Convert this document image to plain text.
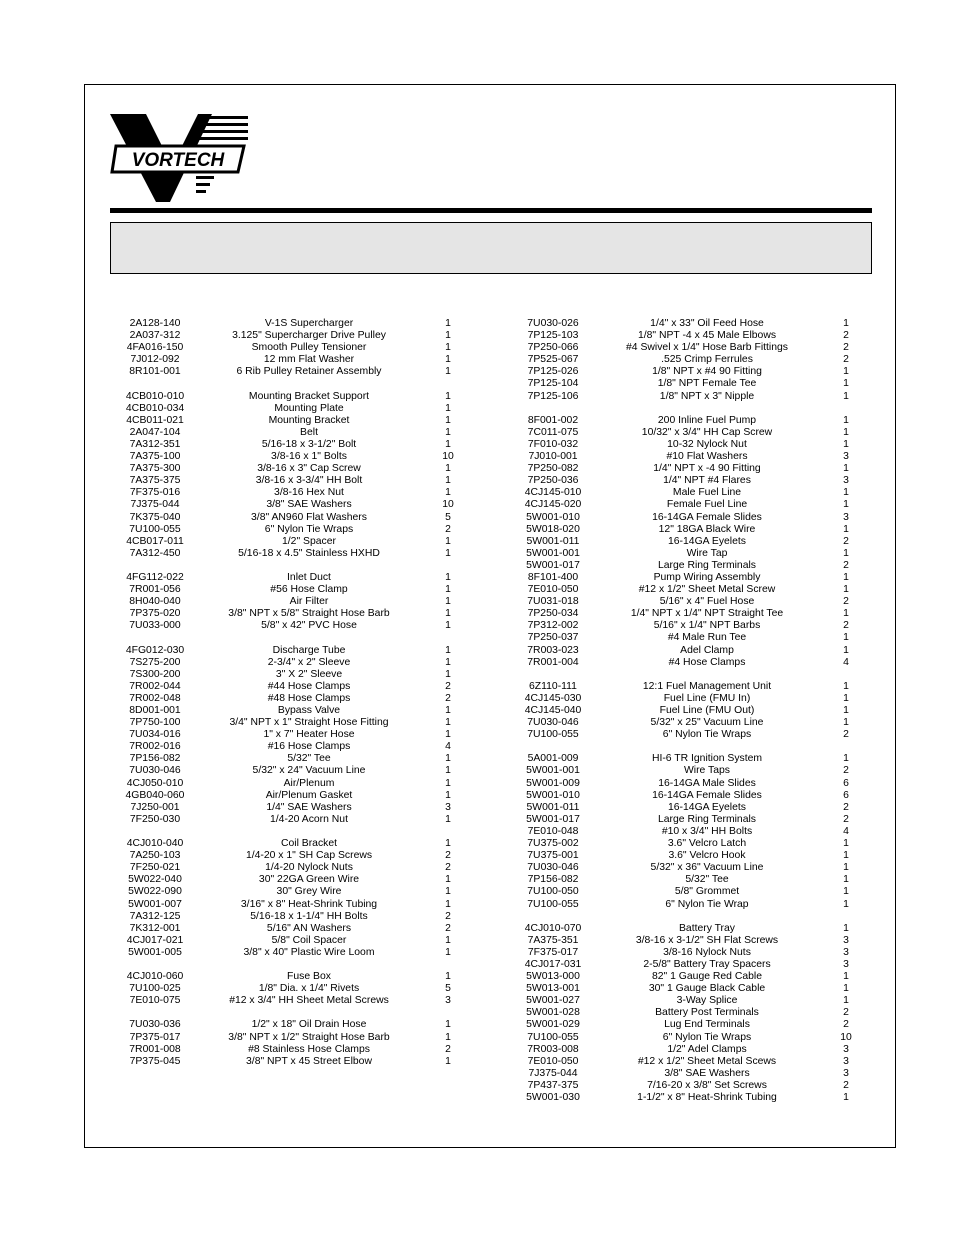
VORTECH
2A128-140	V-1S Supercharger	1
2A037-312	3.125" Supercharger Drive Pulley	1
4FA016-150	Smooth Pulley Tensioner	1
7J012-092	12 mm Flat Washer	1
8R101-001	6 Rib Pulley Retainer Assembly	1
4CB010-010	Mounting Bracket Support	1
4CB010-034	Mounting Plate	1
4CB011-021	Mounting Bracket	1
2A047-104	Belt	1
7A312-351	5/16-18 x 3-1/2" Bolt	1
7A375-100	3/8-16 x 1" Bolts	10
7A375-300	3/8-16 x 3" Cap Screw	1
7A375-375	3/8-16 x 3-3/4" HH Bolt	1
7F375-016	3/8-16 Hex Nut	1
7J375-044	3/8" SAE Washers	10
7K375-040	3/8" AN960 Flat Washers	5
7U100-055	6" Nylon Tie Wraps	2
4CB017-011	1/2" Spacer	1
7A312-450	5/16-18 x 4.5" Stainless HXHD	1
4FG112-022	Inlet Duct	1
7R001-056	#56 Hose Clamp	1
8H040-040	Air Filter	1
7P375-020	3/8" NPT x 5/8" Straight Hose Barb	1
7U033-000	5/8" x 42" PVC Hose	1
4FG012-030	Discharge Tube	1
7S275-200	2-3/4" x 2" Sleeve	1
7S300-200	3" X 2" Sleeve	1
7R002-044	#44 Hose Clamps	2
7R002-048	#48 Hose Clamps	2
8D001-001	Bypass Valve	1
7P750-100	3/4" NPT x 1" Straight Hose Fitting	1
7U034-016	1" x 7" Heater Hose	1
7R002-016	#16 Hose Clamps	4
7P156-082	5/32" Tee	1
7U030-046	5/32" x 24" Vacuum Line	1
4CJ050-010	Air/Plenum	1
4GB040-060	Air/Plenum Gasket	1
7J250-001	1/4" SAE Washers	3
7F250-030	1/4-20 Acorn Nut	1
4CJ010-040	Coil Bracket	1
7A250-103	1/4-20 x 1" SH Cap Screws	2
7F250-021	1/4-20 Nylock Nuts	2
5W022-040	30" 22GA Green Wire	1
5W022-090	30" Grey Wire	1
5W001-007	3/16" x 8" Heat-Shrink Tubing	1
7A312-125	5/16-18 x 1-1/4" HH Bolts	2
7K312-001	5/16" AN Washers	2
4CJ017-021	5/8" Coil Spacer	1
5W001-005	3/8" x 40" Plastic Wire Loom	1
4CJ010-060	Fuse Box	1
7U100-025	1/8" Dia. x 1/4" Rivets	5
7E010-075	#12 x 3/4" HH Sheet Metal Screws	3
7U030-036	1/2" x 18" Oil Drain Hose	1
7P375-017	3/8" NPT x 1/2" Straight Hose Barb	1
7R001-008	#8 Stainless Hose Clamps	2
7P375-045	3/8" NPT x 45 Street Elbow	1
7U030-026	1/4" x 33" Oil Feed Hose	1
7P125-103	1/8" NPT -4 x 45 Male Elbows	2
7P250-066	#4 Swivel x 1/4" Hose Barb Fittings	2
7P525-067	.525 Crimp Ferrules	2
7P125-026	1/8" NPT x #4 90 Fitting	1
7P125-104	1/8" NPT Female Tee	1
7P125-106	1/8" NPT x 3" Nipple	1
8F001-002	200 Inline Fuel Pump	1
7C011-075	10/32" x 3/4" HH Cap Screw	1
7F010-032	10-32 Nylock Nut	1
7J010-001	#10 Flat Washers	3
7P250-082	1/4" NPT x -4 90 Fitting	1
7P250-036	1/4" NPT #4 Flares	3
4CJ145-010	Male Fuel Line	1
4CJ145-020	Female Fuel Line	1
5W001-010	16-14GA Female Slides	3
5W018-020	12" 18GA Black Wire	1
5W001-011	16-14GA Eyelets	2
5W001-001	Wire Tap	1
5W001-017	Large Ring Terminals	2
8F101-400	Pump Wiring Assembly	1
7E010-050	#12 x 1/2" Sheet Metal Screw	1
7U031-018	5/16" x 4" Fuel Hose	2
7P250-034	1/4" NPT x 1/4" NPT Straight Tee	1
7P312-002	5/16" x 1/4" NPT Barbs	2
7P250-037	#4 Male Run Tee	1
7R003-023	Adel Clamp	1
7R001-004	#4 Hose Clamps	4
6Z110-111	12:1 Fuel Management Unit	1
4CJ145-030	Fuel Line (FMU In)	1
4CJ145-040	Fuel Line (FMU Out)	1
7U030-046	5/32" x 25" Vacuum Line	1
7U100-055	6" Nylon Tie Wraps	2
5A001-009	HI-6 TR Ignition System	1
5W001-001	Wire Taps	2
5W001-009	16-14GA Male Slides	6
5W001-010	16-14GA Female Slides	6
5W001-011	16-14GA Eyelets	2
5W001-017	Large Ring Terminals	2
7E010-048	#10 x 3/4" HH Bolts	4
7U375-002	3.6" Velcro Latch	1
7U375-001	3.6" Velcro Hook	1
7U030-046	5/32" x 36" Vacuum Line	1
7P156-082	5/32" Tee	1
7U100-050	5/8" Grommet	1
7U100-055	6" Nylon Tie Wrap	1
4CJ010-070	Battery Tray	1
7A375-351	3/8-16 x 3-1/2" SH Flat Screws	3
7F375-017	3/8-16 Nylock Nuts	3
4CJ017-031	2-5/8" Battery Tray Spacers	3
5W013-000	82" 1 Gauge Red Cable	1
5W013-001	30" 1 Gauge Black Cable	1
5W001-027	3-Way Splice	1
5W001-028	Battery Post Terminals	2
5W001-029	Lug End Terminals	2
7U100-055	6" Nylon Tie Wraps	10
7R003-008	1/2" Adel Clamps	3
7E010-050	#12 x 1/2" Sheet Metal Scews	3
7J375-044	3/8" SAE Washers	3
7P437-375	7/16-20 x 3/8" Set Screws	2
5W001-030	1-1/2" x 8" Heat-Shrink Tubing	1
